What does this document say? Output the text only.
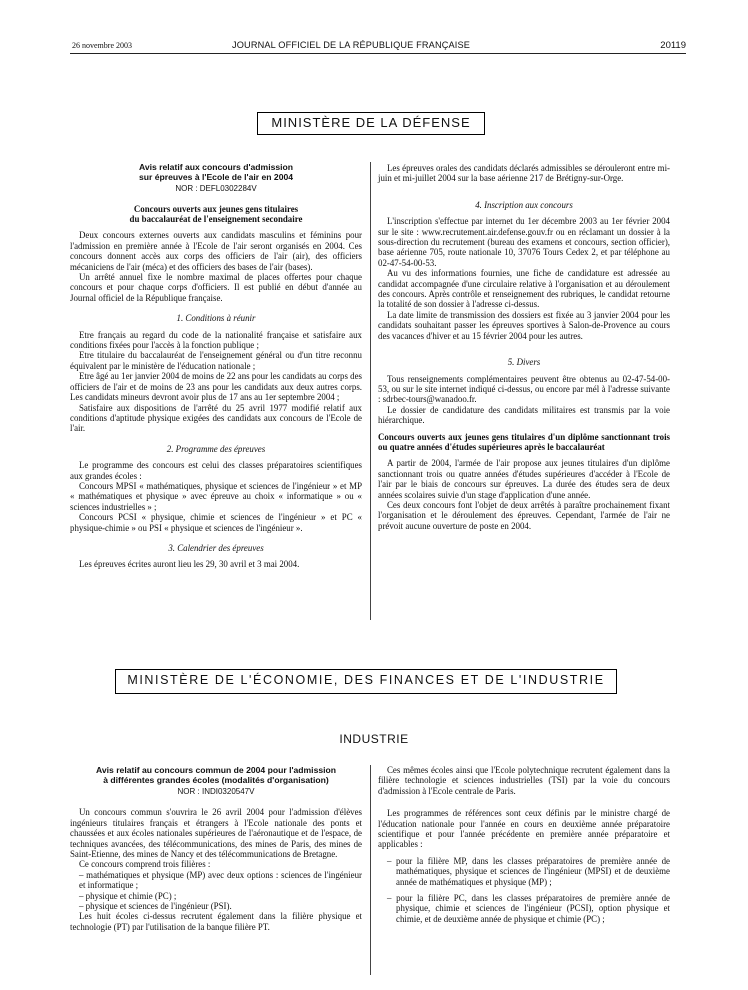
26 novembre 2003	JOURNAL OFFICIEL DE LA RÉPUBLIQUE FRANÇAISE	20119
MINISTÈRE DE LA DÉFENSE

Avis relatif aux concours d'admission

sur épreuves à l'Ecole de l'air en 2004

NOR : DEFL0302284V

Concours ouverts aux jeunes gens titulaires
du baccalauréat de l'enseignement secondaire

Deux concours externes ouverts aux candidats masculins et féminins pour l'admission en première année à l'Ecole de l'air seront organisés en 2004. Ces concours donnent accès aux corps des officiers de l'air (air), des officiers mécaniciens de l'air (méca) et des officiers des bases de l'air (bases).

Un arrêté annuel fixe le nombre maximal de places offertes pour chaque concours et pour chaque corps d'officiers. Il est publié en début d'année au Journal officiel de la République française.

1. Conditions à réunir

Etre français au regard du code de la nationalité française et satisfaire aux conditions fixées pour l'accès à la fonction publique ;

Etre titulaire du baccalauréat de l'enseignement général ou d'un titre reconnu équivalent par le ministère de l'éducation nationale ;

Etre âgé au 1er janvier 2004 de moins de 22 ans pour les candidats au corps des officiers de l'air et de moins de 23 ans pour les candidats aux deux autres corps. Les candidats mineurs devront avoir plus de 17 ans au 1er septembre 2004 ;

Satisfaire aux dispositions de l'arrêté du 25 avril 1977 modifié relatif aux conditions d'aptitude physique exigées des candidats aux concours de l'Ecole de l'air.

2. Programme des épreuves

Le programme des concours est celui des classes préparatoires scientifiques aux grandes écoles :

Concours MPSI « mathématiques, physique et sciences de l'ingénieur » et MP « mathématiques et physique » avec épreuve au choix « informatique » ou « sciences industrielles » ;

Concours PCSI « physique, chimie et sciences de l'ingénieur » et PC « physique-chimie » ou PSI « physique et sciences de l'ingénieur ».

3. Calendrier des épreuves

Les épreuves écrites auront lieu les 29, 30 avril et 3 mai 2004.

Les épreuves orales des candidats déclarés admissibles se dérouleront entre mi-juin et mi-juillet 2004 sur la base aérienne 217 de Brétigny-sur-Orge.

4. Inscription aux concours

L'inscription s'effectue par internet du 1er décembre 2003 au 1er février 2004 sur le site : www.recrutement.air.defense.gouv.fr ou en réclamant un dossier à la sous-direction du recrutement (bureau des examens et concours, section officier), base aérienne 705, route nationale 10, 37076 Tours Cedex 2, et par téléphone au 02-47-54-00-53.

Au vu des informations fournies, une fiche de candidature est adressée au candidat accompagnée d'une circulaire relative à l'organisation et au déroulement des concours. Après contrôle et renseignement des rubriques, le candidat retourne la totalité de son dossier à l'adresse ci-dessus.

La date limite de transmission des dossiers est fixée au 3 janvier 2004 pour les candidats souhaitant passer les épreuves sportives à Salon-de-Provence au cours des vacances d'hiver et au 15 février 2004 pour les autres.

5. Divers

Tous renseignements complémentaires peuvent être obtenus au 02-47-54-00-53, ou sur le site internet indiqué ci-dessus, ou encore par mél à l'adresse suivante : sdrbec-tours@wanadoo.fr.

Le dossier de candidature des candidats militaires est transmis par la voie hiérarchique.

Concours ouverts aux jeunes gens titulaires d'un diplôme sanctionnant trois ou quatre années d'études supérieures après le baccalauréat

A partir de 2004, l'armée de l'air propose aux jeunes titulaires d'un diplôme sanctionnant trois ou quatre années d'études supérieures d'accéder à l'Ecole de l'air par le biais de concours sur épreuves. La durée des études sera de deux années scolaires suivie d'un stage d'application d'une année.

Ces deux concours font l'objet de deux arrêtés à paraître prochainement fixant l'organisation et le déroulement des épreuves. Cependant, l'armée de l'air ne prévoit aucune ouverture de poste en 2004.

MINISTÈRE DE L'ÉCONOMIE, DES FINANCES ET DE L'INDUSTRIE
INDUSTRIE

Avis relatif au concours commun de 2004 pour l'admission

à différentes grandes écoles (modalités d'organisation)

NOR : INDI0320547V

Un concours commun s'ouvrira le 26 avril 2004 pour l'admission d'élèves ingénieurs titulaires français et étrangers à l'Ecole nationale des ponts et chaussées et aux écoles nationales supérieures de l'aéronautique et de l'espace, de techniques avancées, des télécommunications, des mines de Paris, des mines de Saint-Etienne, des mines de Nancy et des télécommunications de Bretagne.

Ce concours comprend trois filières :

– mathématiques et physique (MP) avec deux options : sciences de l'ingénieur et informatique ;

– physique et chimie (PC) ;

– physique et sciences de l'ingénieur (PSI).

Les huit écoles ci-dessus recrutent également dans la filière physique et technologie (PT) par l'utilisation de la banque filière PT.

Ces mêmes écoles ainsi que l'Ecole polytechnique recrutent également dans la filière technologie et sciences industrielles (TSI) par la voie du concours d'admission à l'Ecole centrale de Paris.

Les programmes de références sont ceux définis par le ministre chargé de l'éducation nationale pour l'année en cours en deuxième année préparatoire scientifique et pour l'année précédente en première année préparatoire et applicables :

– pour la filière MP, dans les classes préparatoires de première année de mathématiques, physique et sciences de l'ingénieur (MPSI) et de deuxième année de mathématiques et physique (MP) ;

– pour la filière PC, dans les classes préparatoires de première année de physique, chimie et sciences de l'ingénieur (PCSI), option physique et chimie, et de deuxième année de physique et chimie (PC) ;
